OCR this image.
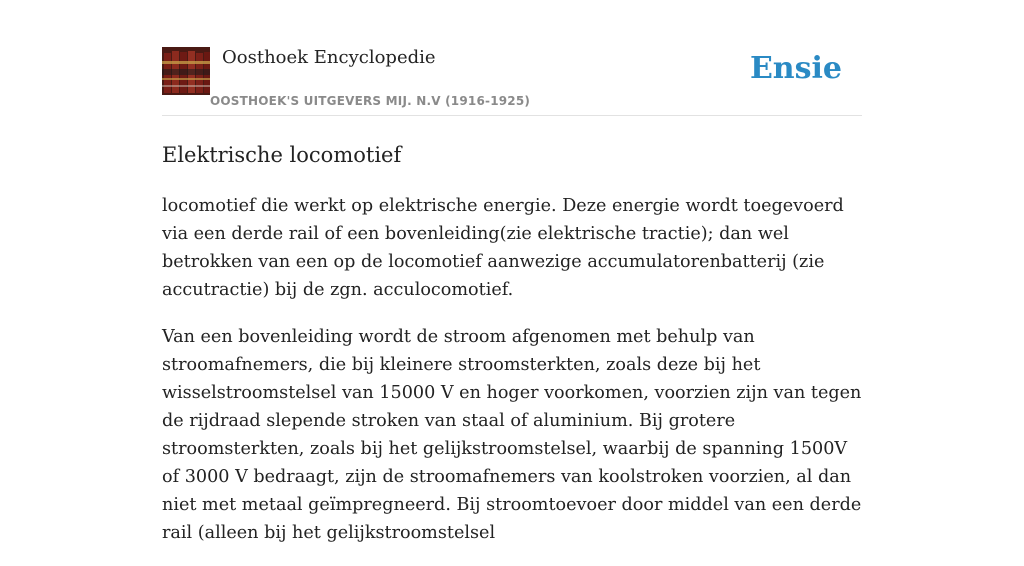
Oosthoek Encyclopedie
OOSTHOEK'S UITGEVERS MIJ. N.V (1916-1925)
Ensie
Elektrische locomotief

locomotief die werkt op elektrische energie. Deze energie wordt toegevoerd via een derde rail of een bovenleiding(zie elektrische tractie); dan wel betrokken van een op de locomotief aanwezige accumulatorenbatterij (zie accutractie) bij de zgn. acculocomotief.

Van een bovenleiding wordt de stroom afgenomen met behulp van stroomafnemers, die bij kleinere stroomsterkten, zoals deze bij het wisselstroomstelsel van 15000 V en hoger voorkomen, voorzien zijn van tegen de rijdraad slepende stroken van staal of aluminium. Bij grotere stroomsterkten, zoals bij het gelijkstroomstelsel, waarbij de spanning 1500V of 3000 V bedraagt, zijn de stroomafnemers van koolstroken voorzien, al dan niet met metaal geïmpregneerd. Bij stroomtoevoer door middel van een derde rail (alleen bij het gelijkstroomstelsel
